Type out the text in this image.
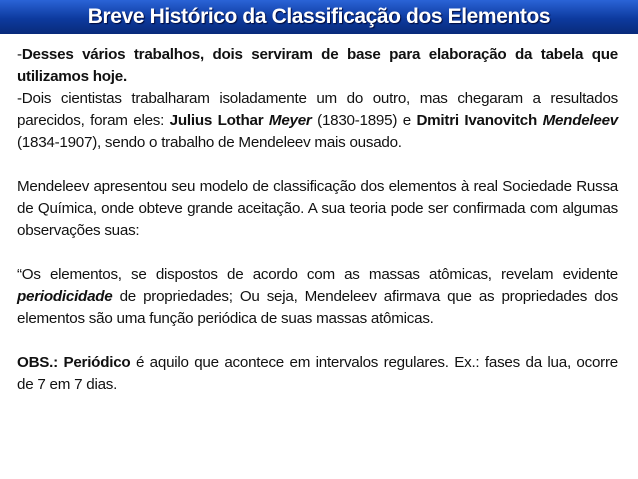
Breve Histórico da Classificação dos Elementos

-Desses vários trabalhos, dois serviram de base para elaboração da tabela que utilizamos hoje.

-Dois cientistas trabalharam isoladamente um do outro, mas chegaram a resultados parecidos, foram eles: Julius Lothar Meyer (1830-1895) e Dmitri Ivanovitch Mendeleev (1834-1907), sendo o trabalho de Mendeleev mais ousado.

Mendeleev apresentou seu modelo de classificação dos elementos à real Sociedade Russa de Química, onde obteve grande aceitação. A sua teoria pode ser confirmada com algumas observações suas:

“Os elementos, se dispostos de acordo com as massas atômicas, revelam evidente periodicidade de propriedades; Ou seja, Mendeleev afirmava que as propriedades dos elementos são uma função periódica de suas massas atômicas.

OBS.: Periódico é aquilo que acontece em intervalos regulares. Ex.: fases da lua, ocorre de 7 em 7 dias.
